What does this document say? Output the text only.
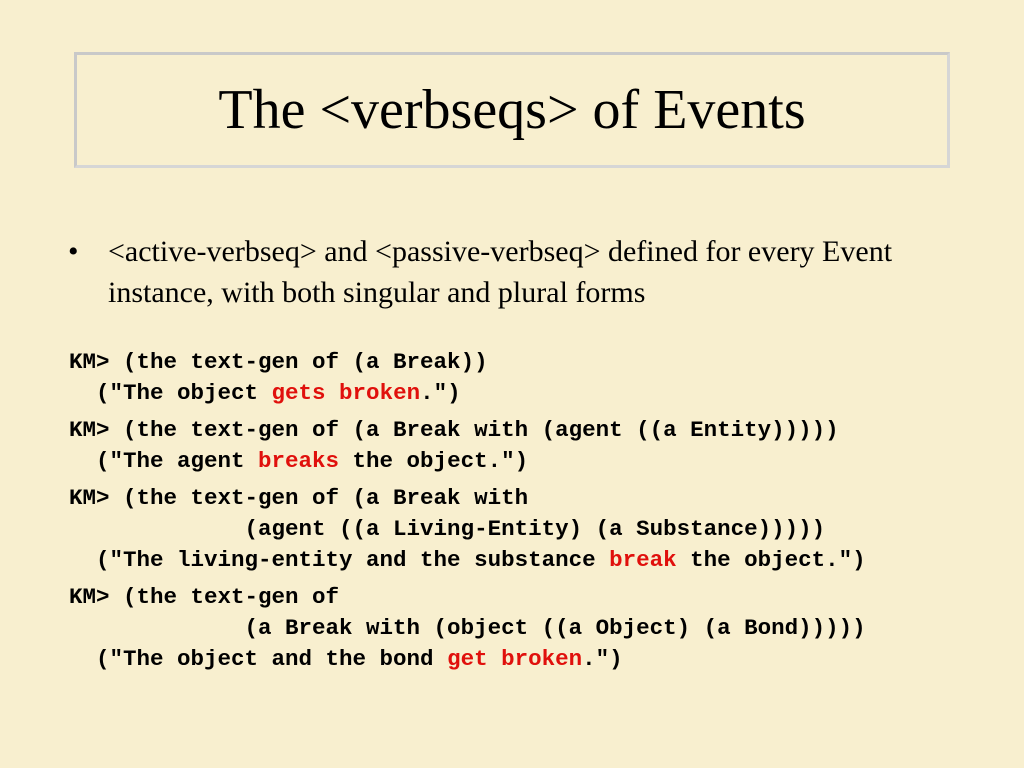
The <verbseqs> of Events
• <active-verbseq> and <passive-verbseq> defined for every Event instance, with both singular and plural forms
KM> (the text-gen of (a Break))
("The object gets broken.")
KM> (the text-gen of (a Break with (agent ((a Entity)))))
("The agent breaks the object.")
KM> (the text-gen of (a Break with
(agent ((a Living-Entity) (a Substance)))))
("The living-entity and the substance break the object.")
KM> (the text-gen of
(a Break with (object ((a Object) (a Bond)))))
("The object and the bond get broken.")
